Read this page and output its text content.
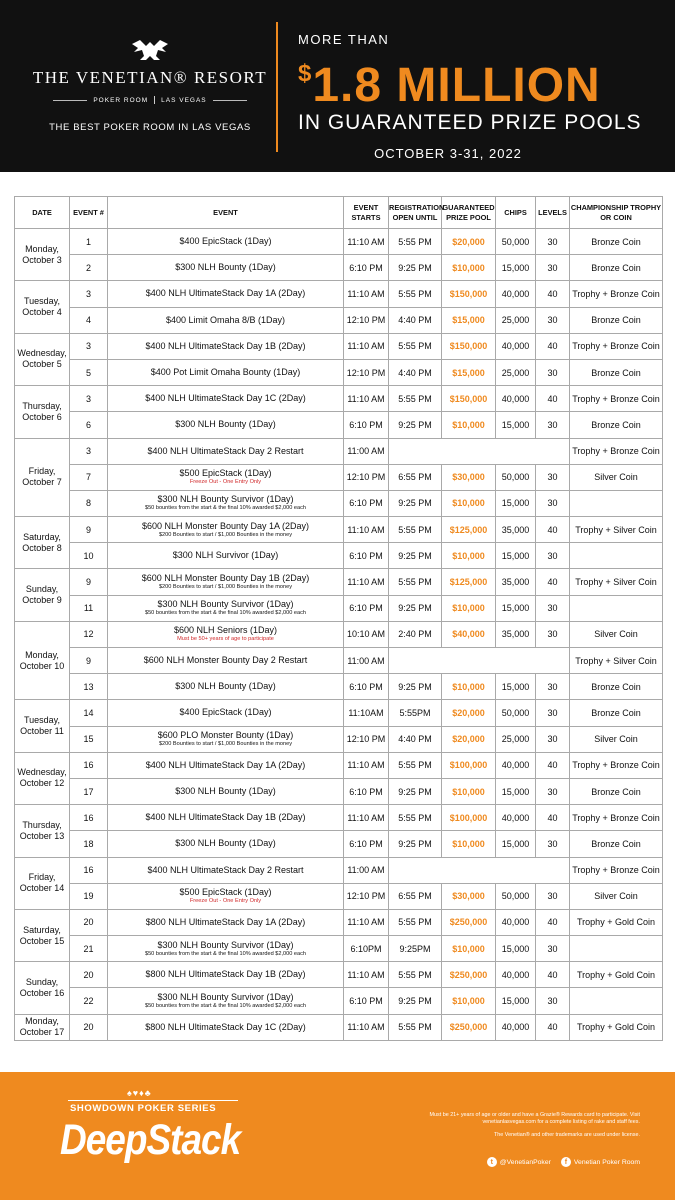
THE VENETIAN® RESORT
POKER ROOM LAS VEGAS
THE BEST POKER ROOM IN LAS VEGAS
MORE THAN
$1.8 MILLION
IN GUARANTEED PRIZE POOLS
OCTOBER 3-31, 2022
DATE	EVENT #	EVENT	EVENT STARTS	REGISTRATION OPEN UNTIL	GUARANTEED PRIZE POOL	CHIPS	LEVELS	CHAMPIONSHIP TROPHY OR COIN
Monday, October 3	1	$400 EpicStack (1Day)	11:10 AM	5:55 PM	$20,000	50,000	30	Bronze Coin
	2	$300 NLH Bounty (1Day)	6:10 PM	9:25 PM	$10,000	15,000	30	Bronze Coin
Tuesday, October 4	3	$400 NLH UltimateStack Day 1A (2Day)	11:10 AM	5:55 PM	$150,000	40,000	40	Trophy + Bronze Coin
	4	$400 Limit Omaha 8/B (1Day)	12:10 PM	4:40 PM	$15,000	25,000	30	Bronze Coin
Wednesday, October 5	3	$400 NLH UltimateStack Day 1B (2Day)	11:10 AM	5:55 PM	$150,000	40,000	40	Trophy + Bronze Coin
	5	$400 Pot Limit Omaha Bounty (1Day)	12:10 PM	4:40 PM	$15,000	25,000	30	Bronze Coin
Thursday, October 6	3	$400 NLH UltimateStack Day 1C (2Day)	11:10 AM	5:55 PM	$150,000	40,000	40	Trophy + Bronze Coin
	6	$300 NLH Bounty (1Day)	6:10 PM	9:25 PM	$10,000	15,000	30	Bronze Coin
Friday, October 7	3	$400 NLH UltimateStack Day 2 Restart	11:00 AM					Trophy + Bronze Coin
	7	$500 EpicStack (1Day)
Freeze Out - One Entry Only	12:10 PM	6:55 PM	$30,000	50,000	30	Silver Coin
	8	$300 NLH Bounty Survivor (1Day)
$50 bounties from the start & the final 10% awarded $2,000 each	6:10 PM	9:25 PM	$10,000	15,000	30	
Saturday, October 8	9	$600 NLH Monster Bounty Day 1A (2Day)
$200 Bounties to start / $1,000 Bounties in the money	11:10 AM	5:55 PM	$125,000	35,000	40	Trophy + Silver Coin
	10	$300 NLH Survivor (1Day)	6:10 PM	9:25 PM	$10,000	15,000	30	
Sunday, October 9	9	$600 NLH Monster Bounty Day 1B (2Day)
$200 Bounties to start / $1,000 Bounties in the money	11:10 AM	5:55 PM	$125,000	35,000	40	Trophy + Silver Coin
	11	$300 NLH Bounty Survivor (1Day)
$50 bounties from the start & the final 10% awarded $2,000 each	6:10 PM	9:25 PM	$10,000	15,000	30	
Monday, October 10	12	$600 NLH Seniors (1Day)
Must be 50+ years of age to participate	10:10 AM	2:40 PM	$40,000	35,000	30	Silver Coin
	9	$600 NLH Monster Bounty Day 2 Restart	11:00 AM					Trophy + Silver Coin
	13	$300 NLH Bounty (1Day)	6:10 PM	9:25 PM	$10,000	15,000	30	Bronze Coin
Tuesday, October 11	14	$400 EpicStack (1Day)	11:10AM	5:55PM	$20,000	50,000	30	Bronze Coin
	15	$600 PLO Monster Bounty (1Day)
$200 Bounties to start / $1,000 Bounties in the money	12:10 PM	4:40 PM	$20,000	25,000	30	Silver Coin
Wednesday, October 12	16	$400 NLH UltimateStack Day 1A (2Day)	11:10 AM	5:55 PM	$100,000	40,000	40	Trophy + Bronze Coin
	17	$300 NLH Bounty (1Day)	6:10 PM	9:25 PM	$10,000	15,000	30	Bronze Coin
Thursday, October 13	16	$400 NLH UltimateStack Day 1B (2Day)	11:10 AM	5:55 PM	$100,000	40,000	40	Trophy + Bronze Coin
	18	$300 NLH Bounty (1Day)	6:10 PM	9:25 PM	$10,000	15,000	30	Bronze Coin
Friday, October 14	16	$400 NLH UltimateStack Day 2 Restart	11:00 AM					Trophy + Bronze Coin
	19	$500 EpicStack (1Day)
Freeze Out - One Entry Only	12:10 PM	6:55 PM	$30,000	50,000	30	Silver Coin
Saturday, October 15	20	$800 NLH UltimateStack Day 1A (2Day)	11:10 AM	5:55 PM	$250,000	40,000	40	Trophy + Gold Coin
	21	$300 NLH Bounty Survivor (1Day)
$50 bounties from the start & the final 10% awarded $2,000 each	6:10PM	9:25PM	$10,000	15,000	30	
Sunday, October 16	20	$800 NLH UltimateStack Day 1B (2Day)	11:10 AM	5:55 PM	$250,000	40,000	40	Trophy + Gold Coin
	22	$300 NLH Bounty Survivor (1Day)
$50 bounties from the start & the final 10% awarded $2,000 each	6:10 PM	9:25 PM	$10,000	15,000	30	
Monday, October 17	20	$800 NLH UltimateStack Day 1C (2Day)	11:10 AM	5:55 PM	$250,000	40,000	40	Trophy + Gold Coin
♠♥♦♣
SHOWDOWN POKER SERIES
DeepStack

Must be 21+ years of age or older and have a Grazie® Rewards card to participate. Visit venetianlasvegas.com for a complete listing of rake and staff fees.

The Venetian® and other trademarks are used under license.

t	@VenetianPoker	f	Venetian Poker Room
